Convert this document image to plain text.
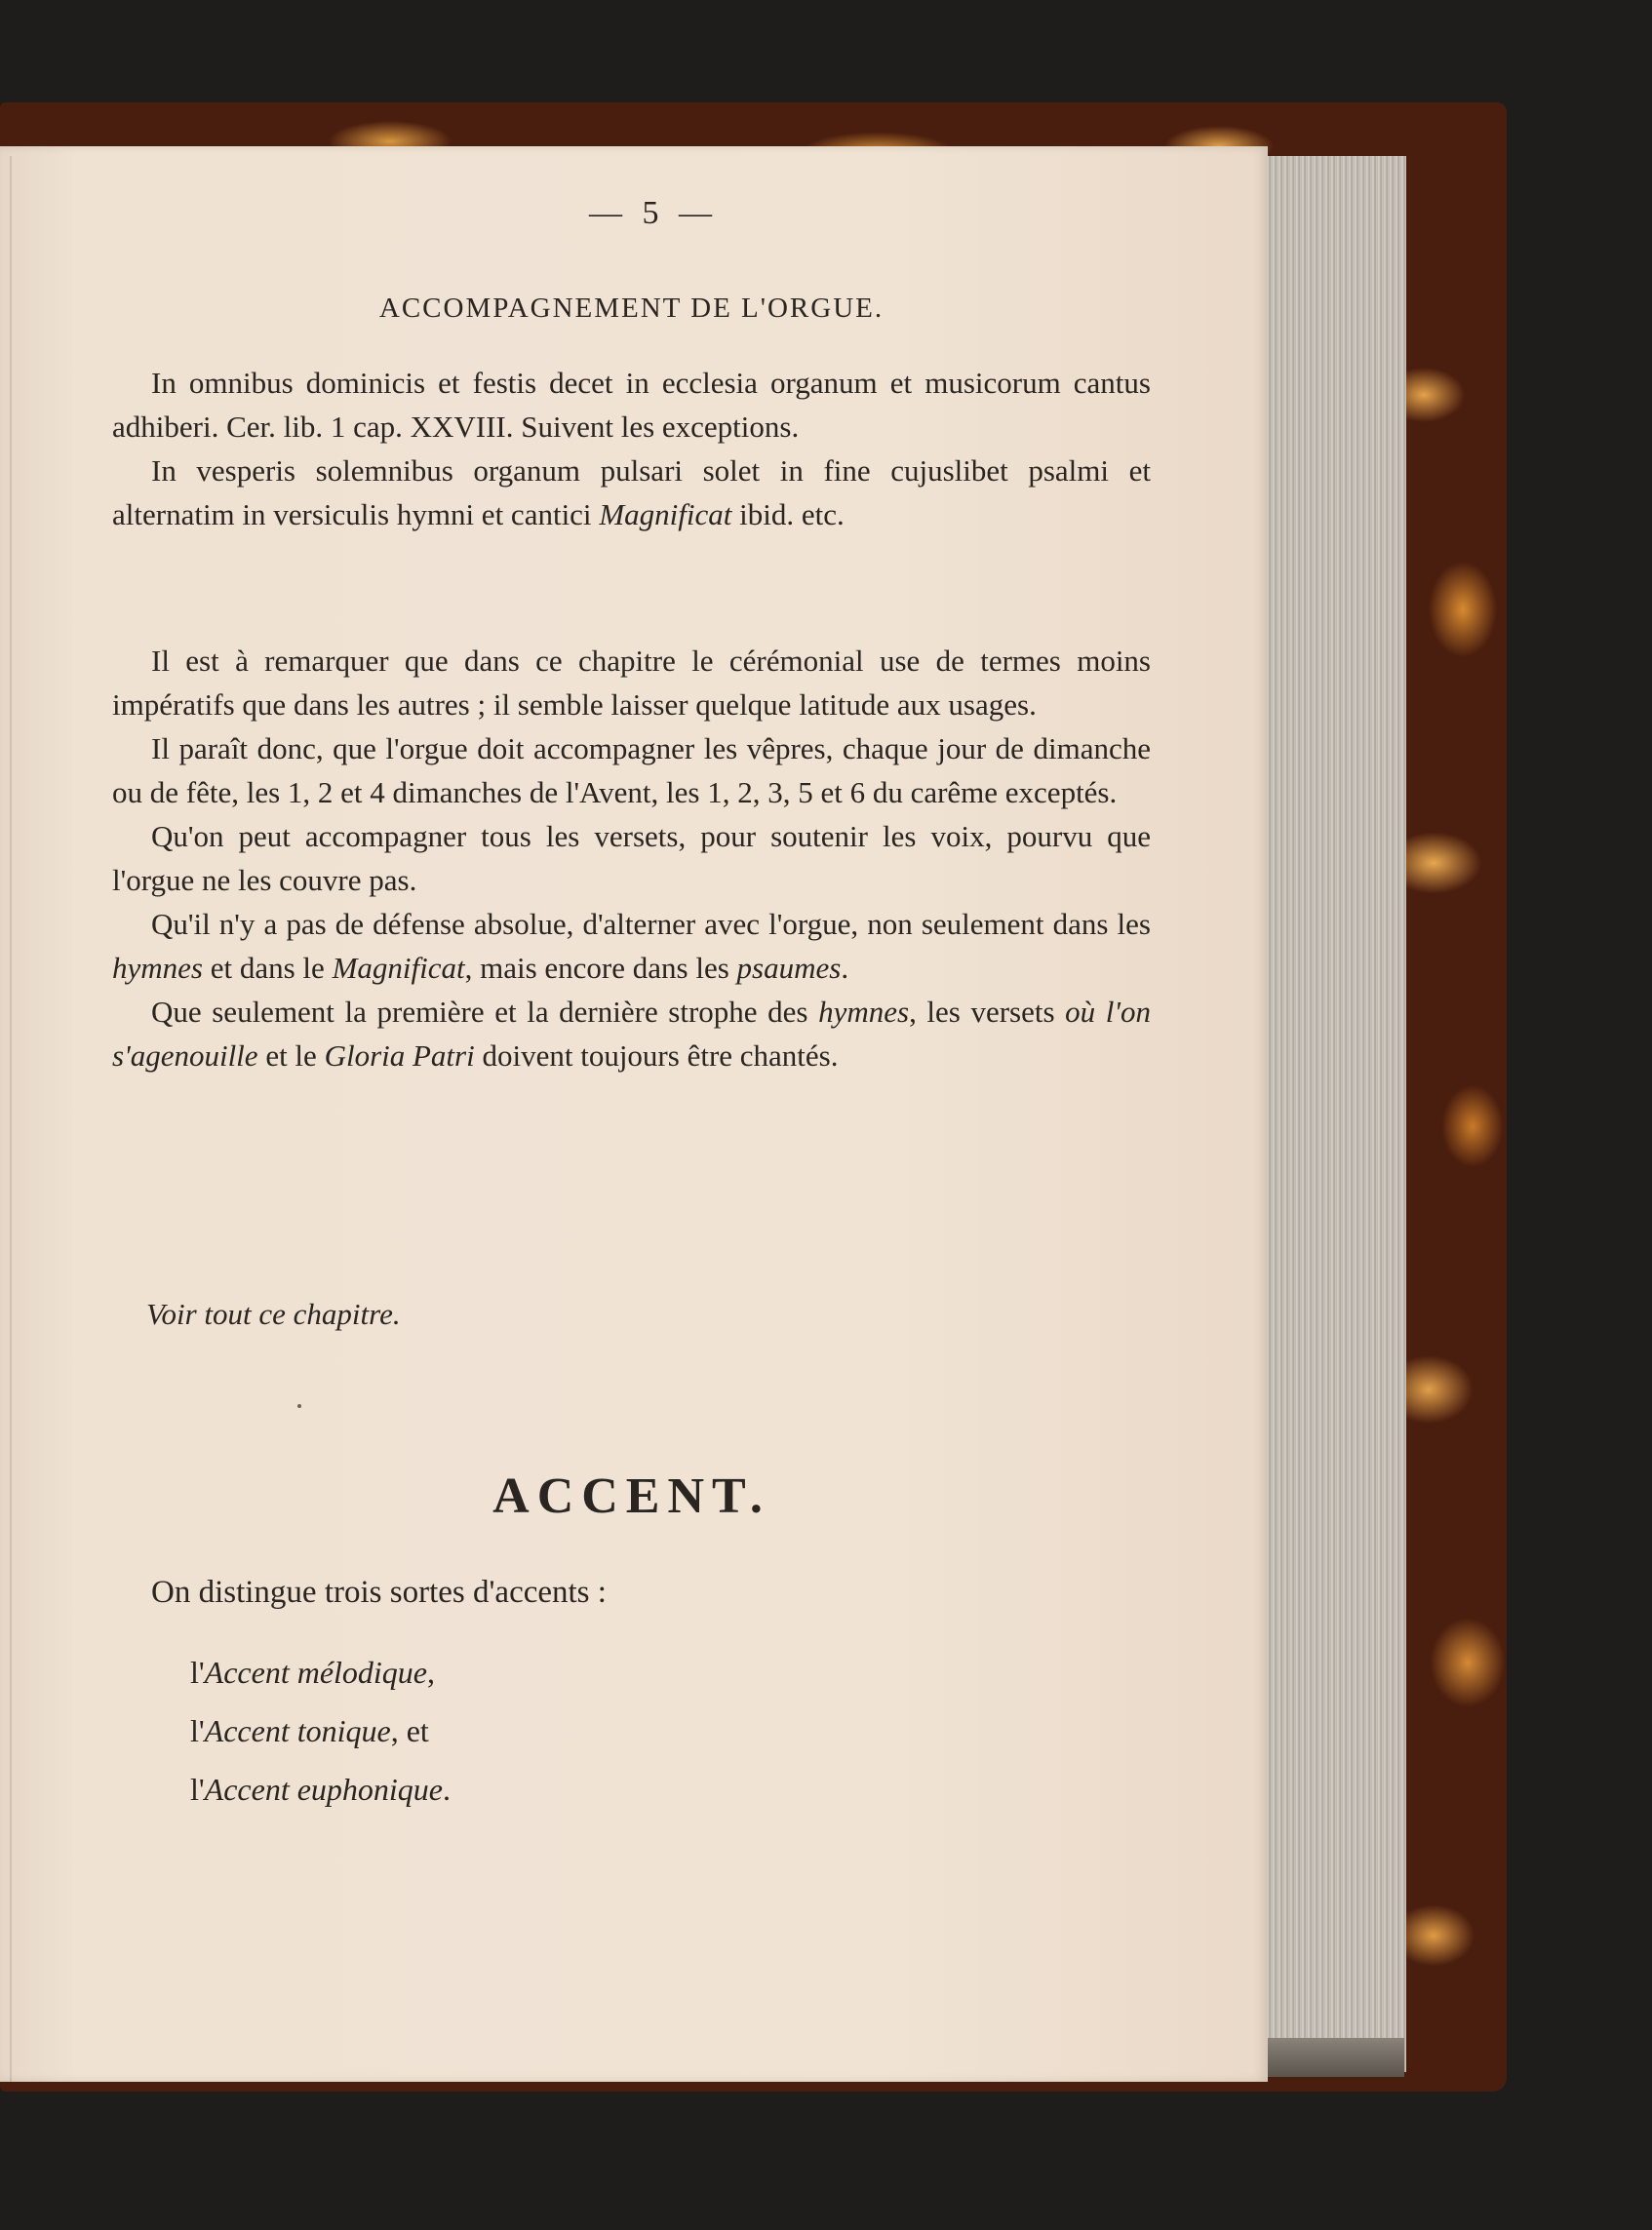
— 5 —
ACCOMPAGNEMENT DE L'ORGUE.

In omnibus dominicis et festis decet in ecclesia organum et musicorum cantus adhiberi. Cer. lib. 1 cap. XXVIII. Suivent les exceptions.

In vesperis solemnibus organum pulsari solet in fine cujuslibet psalmi et alternatim in versiculis hymni et cantici Magnificat ibid. etc.

Il est à remarquer que dans ce chapitre le cérémonial use de termes moins impératifs que dans les autres ; il semble laisser quelque latitude aux usages.

Il paraît donc, que l'orgue doit accompagner les vêpres, chaque jour de dimanche ou de fête, les 1, 2 et 4 dimanches de l'Avent, les 1, 2, 3, 5 et 6 du carême exceptés.

Qu'on peut accompagner tous les versets, pour soutenir les voix, pourvu que l'orgue ne les couvre pas.

Qu'il n'y a pas de défense absolue, d'alterner avec l'orgue, non seulement dans les hymnes et dans le Magnificat, mais encore dans les psaumes.

Que seulement la première et la dernière strophe des hymnes, les versets où l'on s'agenouille et le Gloria Patri doivent toujours être chantés.

Voir tout ce chapitre.
ACCENT.
On distingue trois sortes d'accents :
l'Accent mélodique,
l'Accent tonique, et
l'Accent euphonique.
